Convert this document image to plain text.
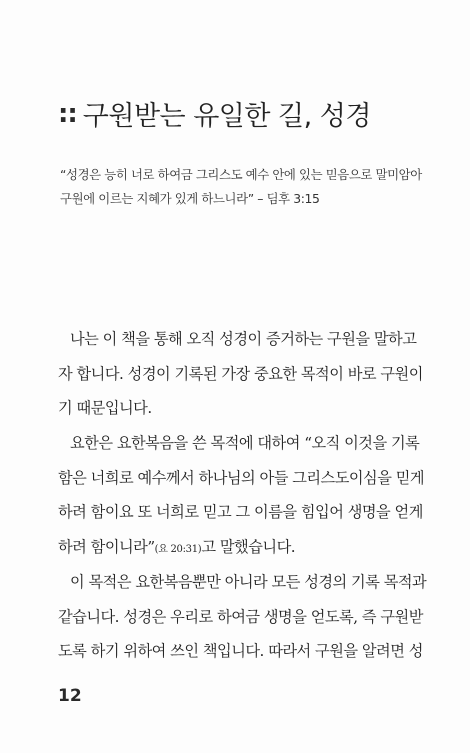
:: 구원받는 유일한 길, 성경
“성경은 능히 너로 하여금 그리스도 예수 안에 있는 믿음으로 말미암아
구원에 이르는 지혜가 있게 하느니라” – 딤후 3:15
나는 이 책을 통해 오직 성경이 증거하는 구원을 말하고
자 합니다. 성경이 기록된 가장 중요한 목적이 바로 구원이
기 때문입니다.
요한은 요한복음을 쓴 목적에 대하여 “오직 이것을 기록
함은 너희로 예수께서 하나님의 아들 그리스도이심을 믿게
하려 함이요 또 너희로 믿고 그 이름을 힘입어 생명을 얻게
하려 함이니라”(요 20:31)고 말했습니다.
이 목적은 요한복음뿐만 아니라 모든 성경의 기록 목적과
같습니다. 성경은 우리로 하여금 생명을 얻도록, 즉 구원받
도록 하기 위하여 쓰인 책입니다. 따라서 구원을 알려면 성
12
